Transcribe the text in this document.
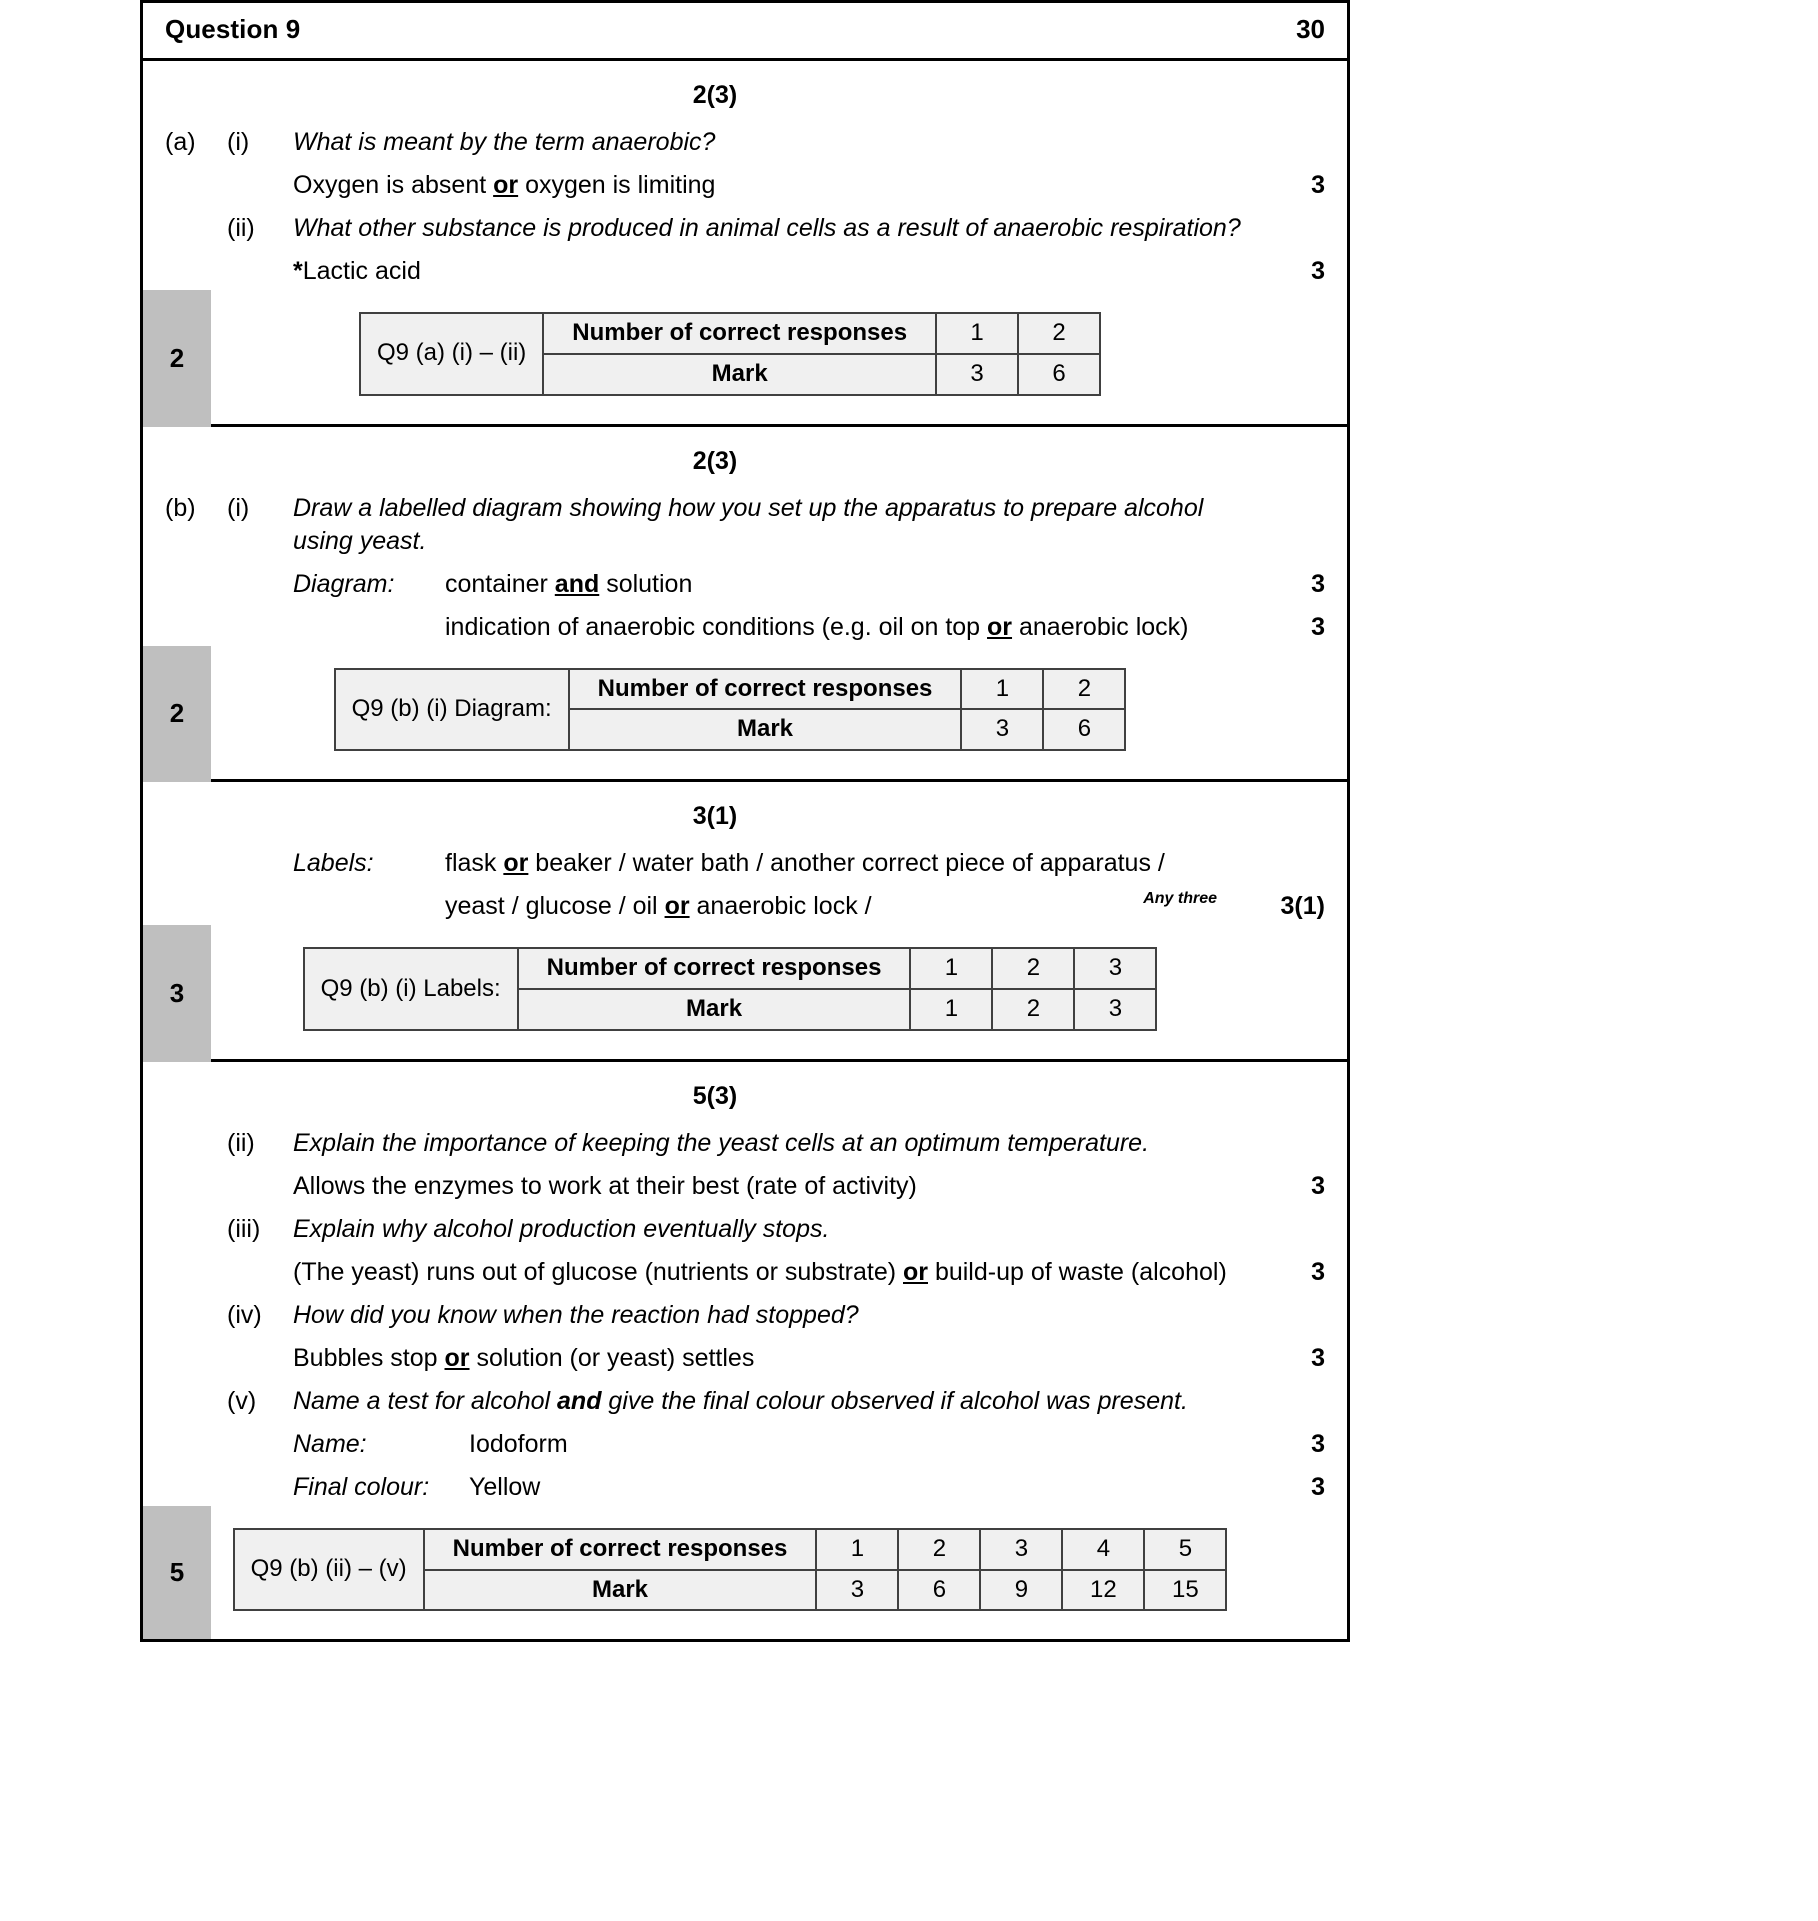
Question 9	30
2
2(3)
(a)	(i)	What is meant by the term anaerobic?
Oxygen is absent or oxygen is limiting	3
(ii)	What other substance is produced in animal cells as a result of anaerobic respiration?
*Lactic acid	3
Q9 (a) (i) – (ii)	Number of correct responses	1	2
	Mark	3	6
2
2(3)
(b)	(i)	Draw a labelled diagram showing how you set up the apparatus to prepare alcohol using yeast.
Diagram: container and solution	3
indication of anaerobic conditions (e.g. oil on top or anaerobic lock)	3
Q9 (b) (i) Diagram:	Number of correct responses	1	2
	Mark	3	6
3
3(1)
Labels:	flask or beaker / water bath / another correct piece of apparatus /
yeast / glucose / oil or anaerobic lock /	Any three	3(1)
Q9 (b) (i) Labels:	Number of correct responses	1	2	3
	Mark	1	2	3
5
5(3)
(ii)	Explain the importance of keeping the yeast cells at an optimum temperature.
Allows the enzymes to work at their best (rate of activity)	3
(iii)	Explain why alcohol production eventually stops.
(The yeast) runs out of glucose (nutrients or substrate) or build-up of waste (alcohol)	3
(iv)	How did you know when the reaction had stopped?
Bubbles stop or solution (or yeast) settles	3
(v)	Name a test for alcohol and give the final colour observed if alcohol was present.
Name:	Iodoform	3
Final colour: Yellow	3
Q9 (b) (ii) – (v)	Number of correct responses	1	2	3	4	5
	Mark	3	6	9	12	15
